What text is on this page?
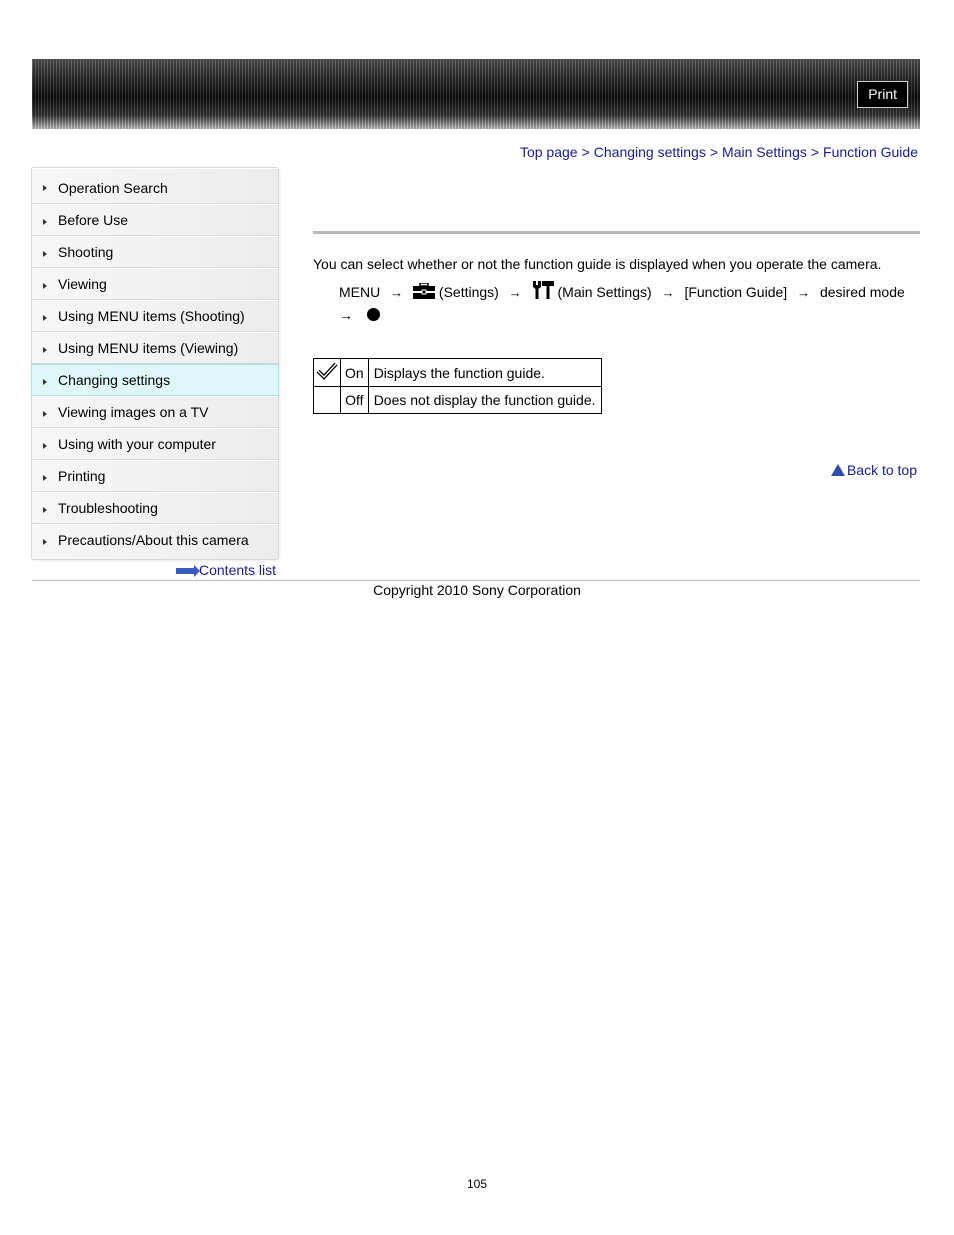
Print
Top page > Changing settings > Main Settings > Function Guide
Operation Search
Before Use
Shooting
Viewing
Using MENU items (Shooting)
Using MENU items (Viewing)
Changing settings
Viewing images on a TV
Using with your computer
Printing
Troubleshooting
Precautions/About this camera
Contents list
You can select whether or not the function guide is displayed when you operate the camera.
MENU →	(Settings) →	(Main Settings) → [Function Guide] → desired mode
→
	On	Displays the function guide.
	Off	Does not display the function guide.
Back to top
Copyright 2010 Sony Corporation
105
